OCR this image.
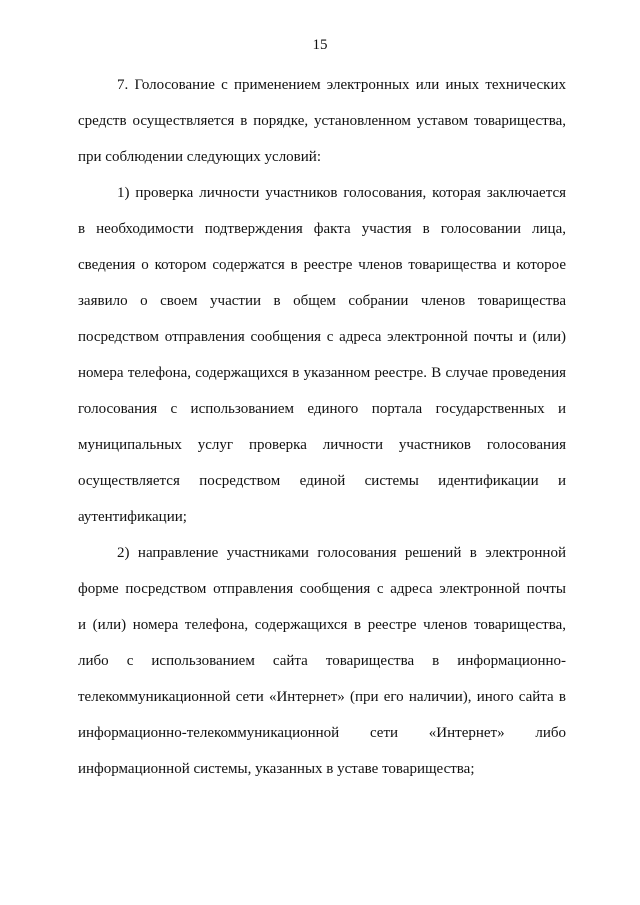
15
7. Голосование с применением электронных или иных технических
средств осуществляется в порядке, установленном уставом товарищества,
при соблюдении следующих условий:
1) проверка личности участников голосования, которая заключается
в необходимости подтверждения факта участия в голосовании лица,
сведения о котором содержатся в реестре членов товарищества и которое
заявило о своем участии в общем собрании членов товарищества
посредством отправления сообщения с адреса электронной почты и (или)
номера телефона, содержащихся в указанном реестре. В случае проведения
голосования с использованием единого портала государственных и
муниципальных услуг проверка личности участников голосования
осуществляется посредством единой системы идентификации и
аутентификации;
2) направление участниками голосования решений в электронной
форме посредством отправления сообщения с адреса электронной почты
и (или) номера телефона, содержащихся в реестре членов товарищества,
либо с использованием сайта товарищества в информационно-
телекоммуникационной сети «Интернет» (при его наличии), иного сайта в
информационно-телекоммуникационной сети «Интернет» либо
информационной системы, указанных в уставе товарищества;
